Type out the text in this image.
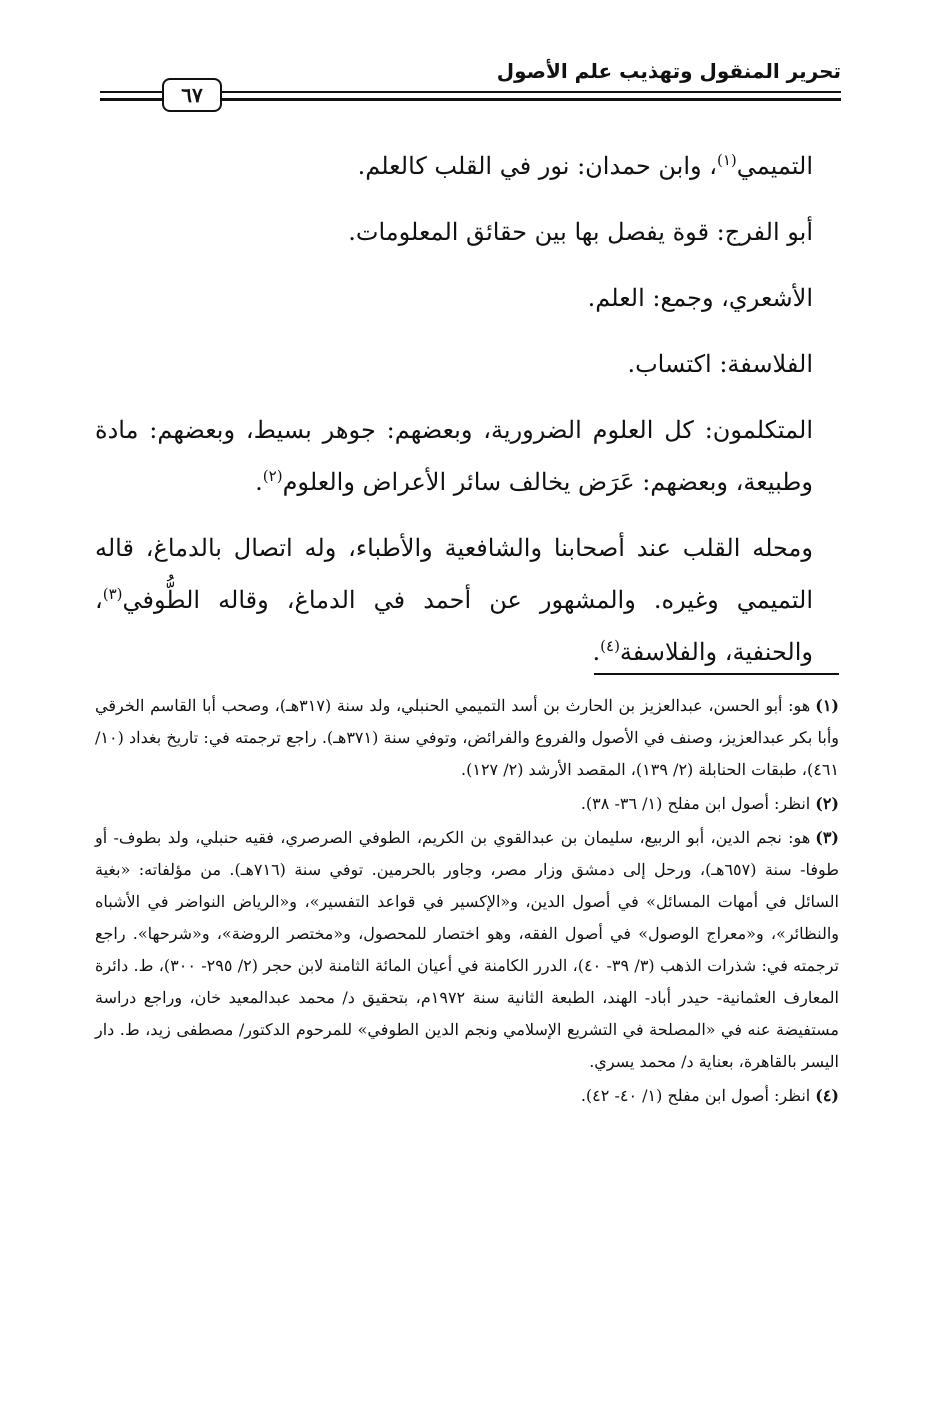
تحرير المنقول وتهذيب علم الأصول
٦٧

التميمي$^{(١)}$، وابن حمدان: نور في القلب كالعلم.

أبو الفرج: قوة يفصل بها بين حقائق المعلومات.

الأشعري، وجمع: العلم.

الفلاسفة: اكتساب.

المتكلمون: كل العلوم الضرورية، وبعضهم: جوهر بسيط، وبعضهم: مادة وطبيعة، وبعضهم: عَرَض يخالف سائر الأعراض والعلوم$^{(٢)}$.

ومحله القلب عند أصحابنا والشافعية والأطباء، وله اتصال بالدماغ، قاله التميمي وغيره. والمشهور عن أحمد في الدماغ، وقاله الطُّوفي$^{(٣)}$، والحنفية، والفلاسفة$^{(٤)}$.

(١)هو: أبو الحسن، عبدالعزيز بن الحارث بن أسد التميمي الحنبلي، ولد سنة (٣١٧هـ)، وصحب أبا القاسم الخرقي وأبا بكر عبدالعزيز، وصنف في الأصول والفروع والفرائض، وتوفي سنة (٣٧١هـ). راجع ترجمته في: تاريخ بغداد (١٠/ ٤٦١)، طبقات الحنابلة (٢/ ١٣٩)، المقصد الأرشد (٢/ ١٢٧).

(٢)انظر: أصول ابن مفلح (١/ ٣٦- ٣٨).

(٣)هو: نجم الدين، أبو الربيع، سليمان بن عبدالقوي بن الكريم، الطوفي الصرصري، فقيه حنبلي، ولد بطوف- أو طوفا- سنة (٦٥٧هـ)، ورحل إلى دمشق وزار مصر، وجاور بالحرمين. توفي سنة (٧١٦هـ). من مؤلفاته: «بغية السائل في أمهات المسائل» في أصول الدين، و«الإكسير في قواعد التفسير»، و«الرياض النواضر في الأشباه والنظائر»، و«معراج الوصول» في أصول الفقه، وهو اختصار للمحصول، و«مختصر الروضة»، و«شرحها». راجع ترجمته في: شذرات الذهب (٣/ ٣٩- ٤٠)، الدرر الكامنة في أعيان المائة الثامنة لابن حجر (٢/ ٢٩٥- ٣٠٠)، ط. دائرة المعارف العثمانية- حيدر أباد- الهند، الطبعة الثانية سنة ١٩٧٢م، بتحقيق د/ محمد عبدالمعيد خان، وراجع دراسة مستفيضة عنه في «المصلحة في التشريع الإسلامي ونجم الدين الطوفي» للمرحوم الدكتور/ مصطفى زيد، ط. دار اليسر بالقاهرة، بعناية د/ محمد يسري.

(٤)انظر: أصول ابن مفلح (١/ ٤٠- ٤٢).
